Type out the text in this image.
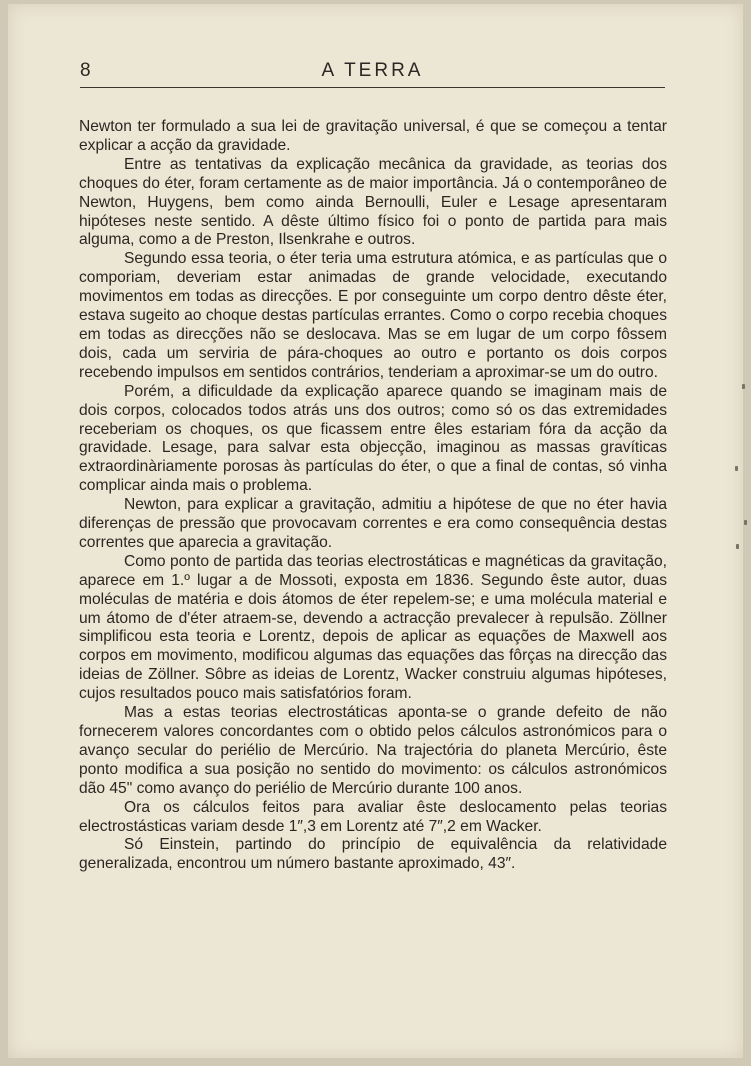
8	A TERRA

Newton ter formulado a sua lei de gravitação universal, é que se começou a tentar explicar a acção da gravidade.

Entre as tentativas da explicação mecânica da gravidade, as teorias dos choques do éter, foram certamente as de maior importância. Já o contemporâneo de Newton, Huygens, bem como ainda Bernoulli, Euler e Lesage apresentaram hipóteses neste sentido. A dêste último físico foi o ponto de partida para mais alguma, como a de Preston, Ilsenkrahe e outros.

Segundo essa teoria, o éter teria uma estrutura atómica, e as partículas que o comporiam, deveriam estar animadas de grande velocidade, executando movimentos em todas as direcções. E por conseguinte um corpo dentro dêste éter, estava sugeito ao choque destas partículas errantes. Como o corpo recebia choques em todas as direcções não se deslocava. Mas se em lugar de um corpo fôssem dois, cada um serviria de pára-choques ao outro e portanto os dois corpos recebendo impulsos em sentidos contrários, tenderiam a aproximar-se um do outro.

Porém, a dificuldade da explicação aparece quando se imaginam mais de dois corpos, colocados todos atrás uns dos outros; como só os das extremidades receberiam os choques, os que ficassem entre êles estariam fóra da acção da gravidade. Lesage, para salvar esta objecção, imaginou as massas gravíticas extraordinàriamente porosas às partículas do éter, o que a final de contas, só vinha complicar ainda mais o problema.

Newton, para explicar a gravitação, admitiu a hipótese de que no éter havia diferenças de pressão que provocavam correntes e era como consequência destas correntes que aparecia a gravitação.

Como ponto de partida das teorias electrostáticas e magnéticas da gravitação, aparece em 1.º lugar a de Mossoti, exposta em 1836. Segundo êste autor, duas moléculas de matéria e dois átomos de éter repelem-se; e uma molécula material e um átomo de d'éter atraem-se, devendo a actracção prevalecer à repulsão. Zöllner simplificou esta teoria e Lorentz, depois de aplicar as equações de Maxwell aos corpos em movimento, modificou algumas das equações das fôrças na direcção das ideias de Zöllner. Sôbre as ideias de Lorentz, Wacker construiu algumas hipóteses, cujos resultados pouco mais satisfatórios foram.

Mas a estas teorias electrostáticas aponta-se o grande defeito de não fornecerem valores concordantes com o obtido pelos cálculos astronómicos para o avanço secular do periélio de Mercúrio. Na trajectória do planeta Mercúrio, êste ponto modifica a sua posição no sentido do movimento: os cálculos astronómicos dão 45" como avanço do periélio de Mercúrio durante 100 anos.

Ora os cálculos feitos para avaliar êste deslocamento pelas teorias electrostásticas variam desde 1″,3 em Lorentz até 7″,2 em Wacker.

Só Einstein, partindo do princípio de equivalência da relatividade generalizada, encontrou um número bastante aproximado, 43″.
